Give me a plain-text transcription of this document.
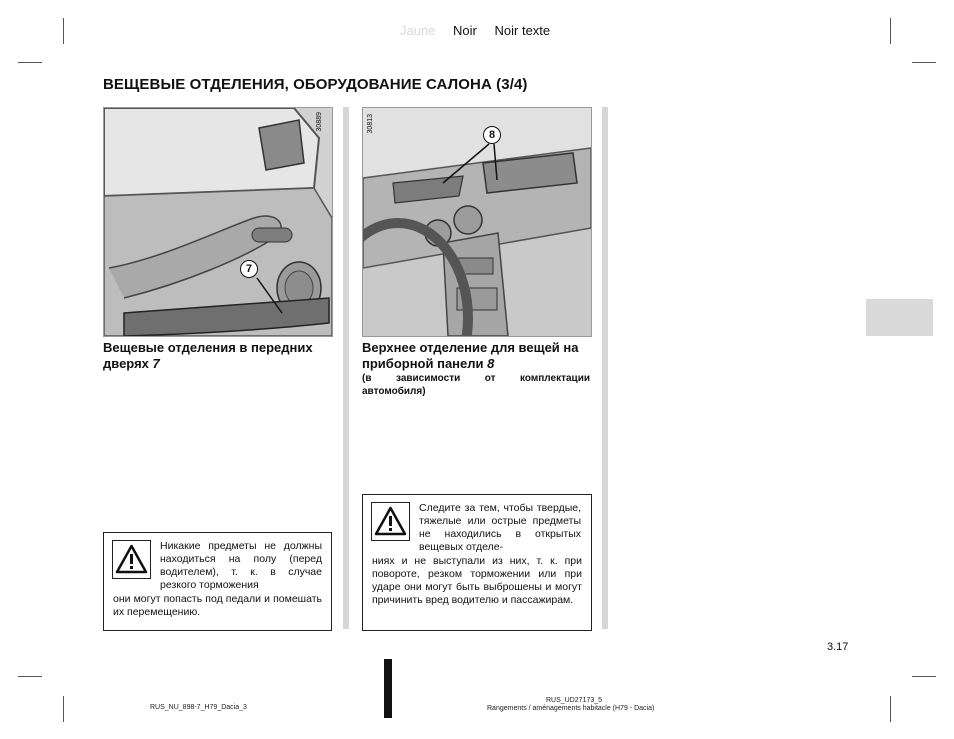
Jaune Noir Noir texte
ВЕЩЕВЫЕ ОТДЕЛЕНИЯ, ОБОРУДОВАНИЕ САЛОНА (3/4)
30889
7
Вещевые отделения в передних дверях 7
Никакие предметы не должны находиться на полу (перед водителем), т. к. в случае резкого торможения
они могут попасть под педали и помешать их перемещению.
30813
8
Верхнее отделение для вещей на приборной панели 8
(в зависимости от комплектации автомобиля)
Следите за тем, чтобы твердые, тяжелые или острые предметы не находились в открытых вещевых отделе-
ниях и не выступали из них, т. к. при повороте, резком торможении или при ударе они могут быть выброшены и могут причинить вред водителю и пассажирам.
3.17
RUS_NU_898-7_H79_Dacia_3
RUS_UD27173_5
Rangements / aménagements habitacle (H79 - Dacia)
